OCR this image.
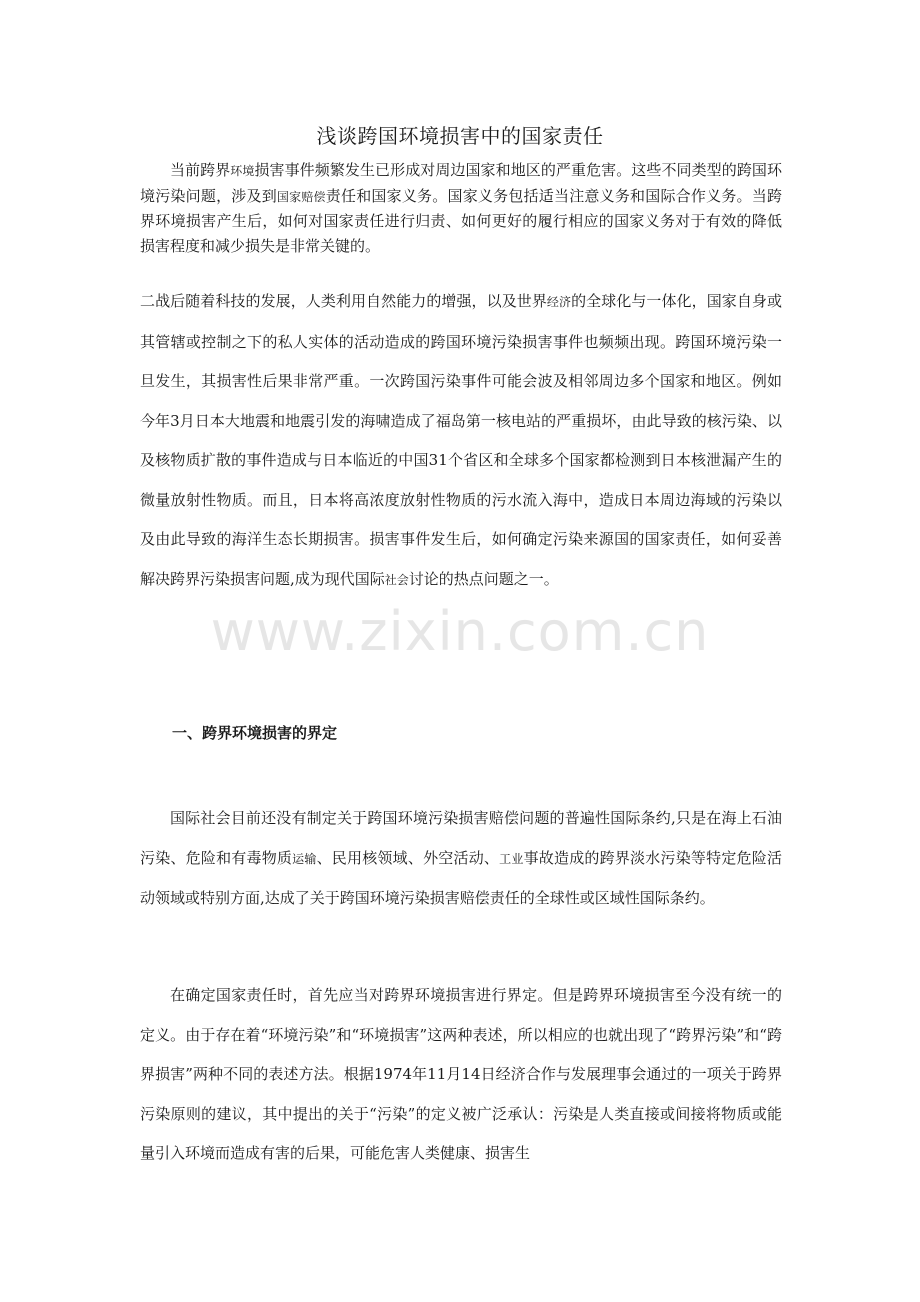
浅谈跨国环境损害中的国家责任

当前跨界环境损害事件频繁发生已形成对周边国家和地区的严重危害。这些不同类型的跨国环境污染问题，涉及到国家赔偿责任和国家义务。国家义务包括适当注意义务和国际合作义务。当跨界环境损害产生后，如何对国家责任进行归责、如何更好的履行相应的国家义务对于有效的降低损害程度和减少损失是非常关键的。

二战后随着科技的发展，人类利用自然能力的增强，以及世界经济的全球化与一体化，国家自身或其管辖或控制之下的私人实体的活动造成的跨国环境污染损害事件也频频出现。跨国环境污染一旦发生，其损害性后果非常严重。一次跨国污染事件可能会波及相邻周边多个国家和地区。例如今年3月日本大地震和地震引发的海啸造成了福岛第一核电站的严重损坏，由此导致的核污染、以及核物质扩散的事件造成与日本临近的中国31个省区和全球多个国家都检测到日本核泄漏产生的微量放射性物质。而且，日本将高浓度放射性物质的污水流入海中，造成日本周边海域的污染以及由此导致的海洋生态长期损害。损害事件发生后，如何确定污染来源国的国家责任，如何妥善解决跨界污染损害问题,成为现代国际社会讨论的热点问题之一。

一、跨界环境损害的界定

国际社会目前还没有制定关于跨国环境污染损害赔偿问题的普遍性国际条约,只是在海上石油污染、危险和有毒物质运输、民用核领域、外空活动、工业事故造成的跨界淡水污染等特定危险活动领域或特别方面,达成了关于跨国环境污染损害赔偿责任的全球性或区域性国际条约。

在确定国家责任时，首先应当对跨界环境损害进行界定。但是跨界环境损害至今没有统一的定义。由于存在着“环境污染”和“环境损害”这两种表述，所以相应的也就出现了“跨界污染”和“跨界损害”两种不同的表述方法。根据1974年11月14日经济合作与发展理事会通过的一项关于跨界污染原则的建议，其中提出的关于“污染”的定义被广泛承认：污染是人类直接或间接将物质或能量引入环境而造成有害的后果，可能危害人类健康、损害生

www.zixin.com.cn
